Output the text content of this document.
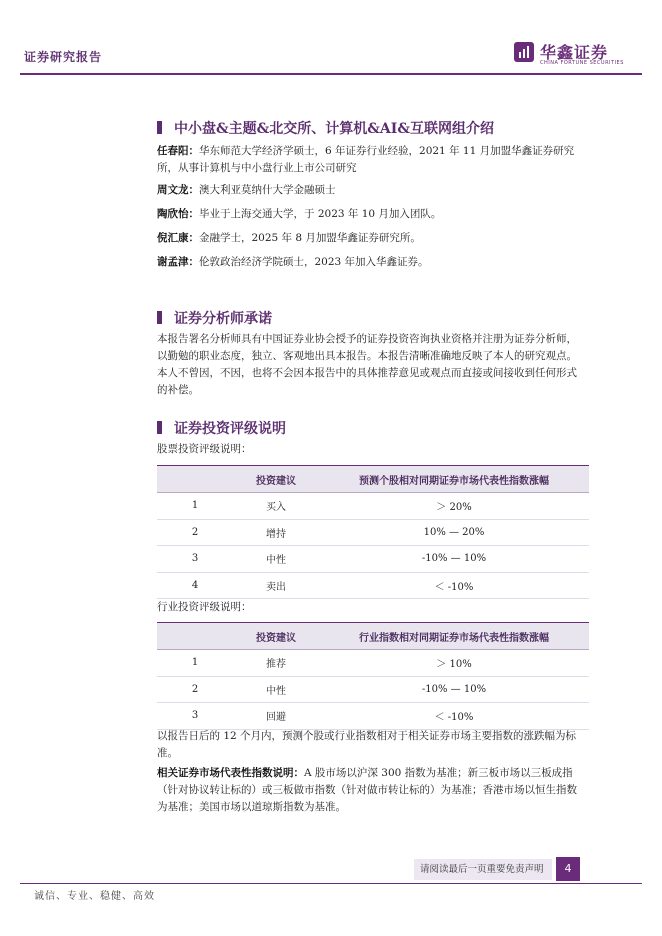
证券研究报告	华鑫证券
CHINA FORTUNE SECURITIES
中小盘&主题&北交所、计算机&AI&互联网组介绍
任春阳：华东师范大学经济学硕士，6 年证券行业经验，2021 年 11 月加盟华鑫证券研究所，从事计算机与中小盘行业上市公司研究
周文龙：澳大利亚莫纳什大学金融硕士
陶欣怡：毕业于上海交通大学，于 2023 年 10 月加入团队。
倪汇康：金融学士，2025 年 8 月加盟华鑫证券研究所。
谢孟津：伦敦政治经济学院硕士，2023 年加入华鑫证券。
证券分析师承诺
本报告署名分析师具有中国证券业协会授予的证券投资咨询执业资格并注册为证券分析师，以勤勉的职业态度，独立、客观地出具本报告。本报告清晰准确地反映了本人的研究观点。本人不曾因，不因，也将不会因本报告中的具体推荐意见或观点而直接或间接收到任何形式的补偿。
证券投资评级说明
股票投资评级说明：
	投资建议	预测个股相对同期证券市场代表性指数涨幅
1	买入	＞ 20%
2	增持	10% — 20%
3	中性	-10% — 10%
4	卖出	＜ -10%
行业投资评级说明：
	投资建议	行业指数相对同期证券市场代表性指数涨幅
1	推荐	＞ 10%
2	中性	-10% — 10%
3	回避	＜ -10%
以报告日后的 12 个月内，预测个股或行业指数相对于相关证券市场主要指数的涨跌幅为标准。
相关证券市场代表性指数说明：A 股市场以沪深 300 指数为基准；新三板市场以三板成指（针对协议转让标的）或三板做市指数（针对做市转让标的）为基准；香港市场以恒生指数为基准；美国市场以道琼斯指数为基准。
请阅读最后一页重要免责声明	4
诚信、专业、稳健、高效
